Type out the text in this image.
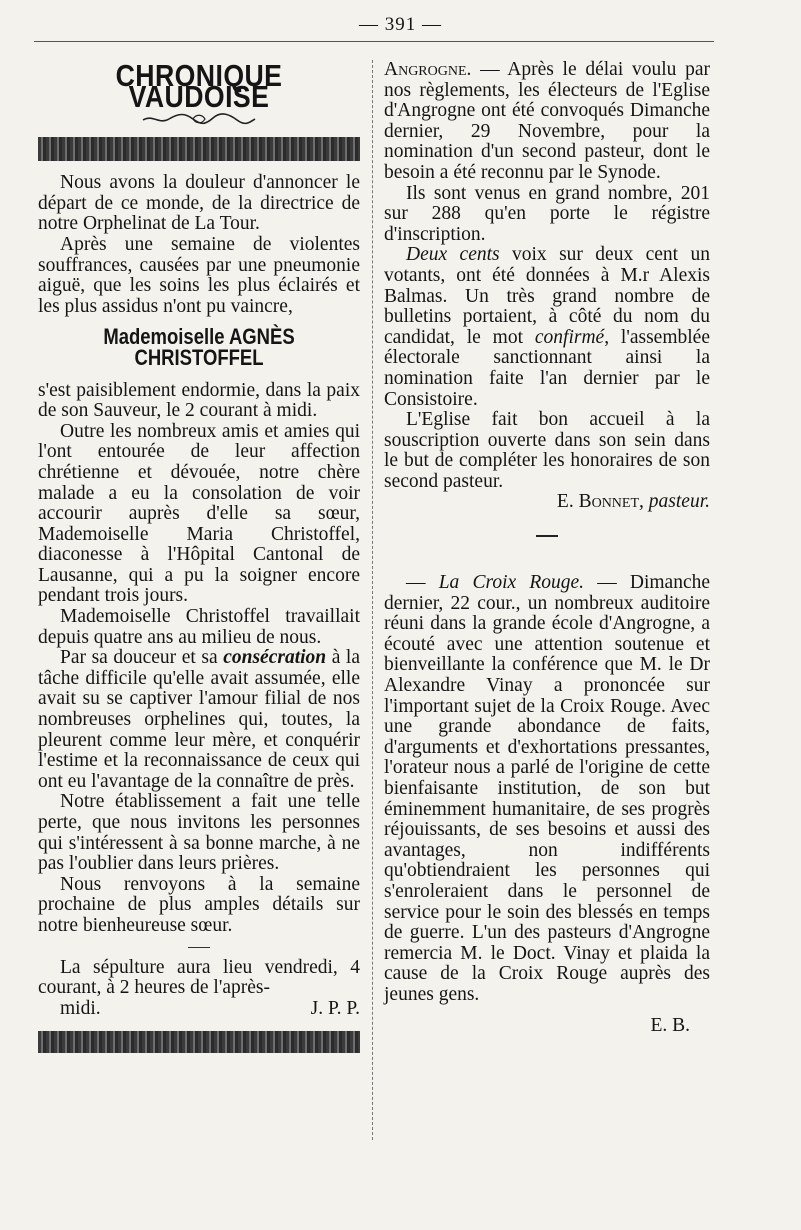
— 391 —
CHRONIQUE VAUDOISE

Nous avons la douleur d'annoncer le départ de ce monde, de la directrice de notre Orphelinat de La Tour.

Après une semaine de violentes souffrances, causées par une pneumonie aiguë, que les soins les plus éclairés et les plus assidus n'ont pu vaincre,

Mademoiselle AGNÈS CHRISTOFFEL

s'est paisiblement endormie, dans la paix de son Sauveur, le 2 courant à midi.

Outre les nombreux amis et amies qui l'ont entourée de leur affection chrétienne et dévouée, notre chère malade a eu la consolation de voir accourir auprès d'elle sa sœur, Mademoiselle Maria Christoffel, diaconesse à l'Hôpital Cantonal de Lausanne, qui a pu la soigner encore pendant trois jours.

Mademoiselle Christoffel travaillait depuis quatre ans au milieu de nous.

Par sa douceur et sa consécration à la tâche difficile qu'elle avait assumée, elle avait su se captiver l'amour filial de nos nombreuses orphelines qui, toutes, la pleurent comme leur mère, et conquérir l'estime et la reconnaissance de ceux qui ont eu l'avantage de la connaître de près.

Notre établissement a fait une telle perte, que nous invitons les personnes qui s'intéressent à sa bonne marche, à ne pas l'oublier dans leurs prières.

Nous renvoyons à la semaine prochaine de plus amples détails sur notre bienheureuse sœur.

La sépulture aura lieu vendredi, 4 courant, à 2 heures de l'après-

midi.	J. P. P.

Angrogne. — Après le délai voulu par nos règlements, les électeurs de l'Eglise d'Angrogne ont été convoqués Dimanche dernier, 29 Novembre, pour la nomination d'un second pasteur, dont le besoin a été reconnu par le Synode.

Ils sont venus en grand nombre, 201 sur 288 qu'en porte le régistre d'inscription.

Deux cents voix sur deux cent un votants, ont été données à M.r Alexis Balmas. Un très grand nombre de bulletins portaient, à côté du nom du candidat, le mot confirmé, l'assemblée électorale sanctionnant ainsi la nomination faite l'an dernier par le Consistoire.

L'Eglise fait bon accueil à la souscription ouverte dans son sein dans le but de compléter les honoraires de son second pasteur.

E. Bonnet, pasteur.

— La Croix Rouge. — Dimanche dernier, 22 cour., un nombreux auditoire réuni dans la grande école d'Angrogne, a écouté avec une attention soutenue et bienveillante la conférence que M. le Dr Alexandre Vinay a prononcée sur l'important sujet de la Croix Rouge. Avec une grande abondance de faits, d'arguments et d'exhortations pressantes, l'orateur nous a parlé de l'origine de cette bienfaisante institution, de son but éminemment humanitaire, de ses progrès réjouissants, de ses besoins et aussi des avantages, non indifférents qu'obtiendraient les personnes qui s'enroleraient dans le personnel de service pour le soin des blessés en temps de guerre. L'un des pasteurs d'Angrogne remercia M. le Doct. Vinay et plaida la cause de la Croix Rouge auprès des jeunes gens.

E. B.
